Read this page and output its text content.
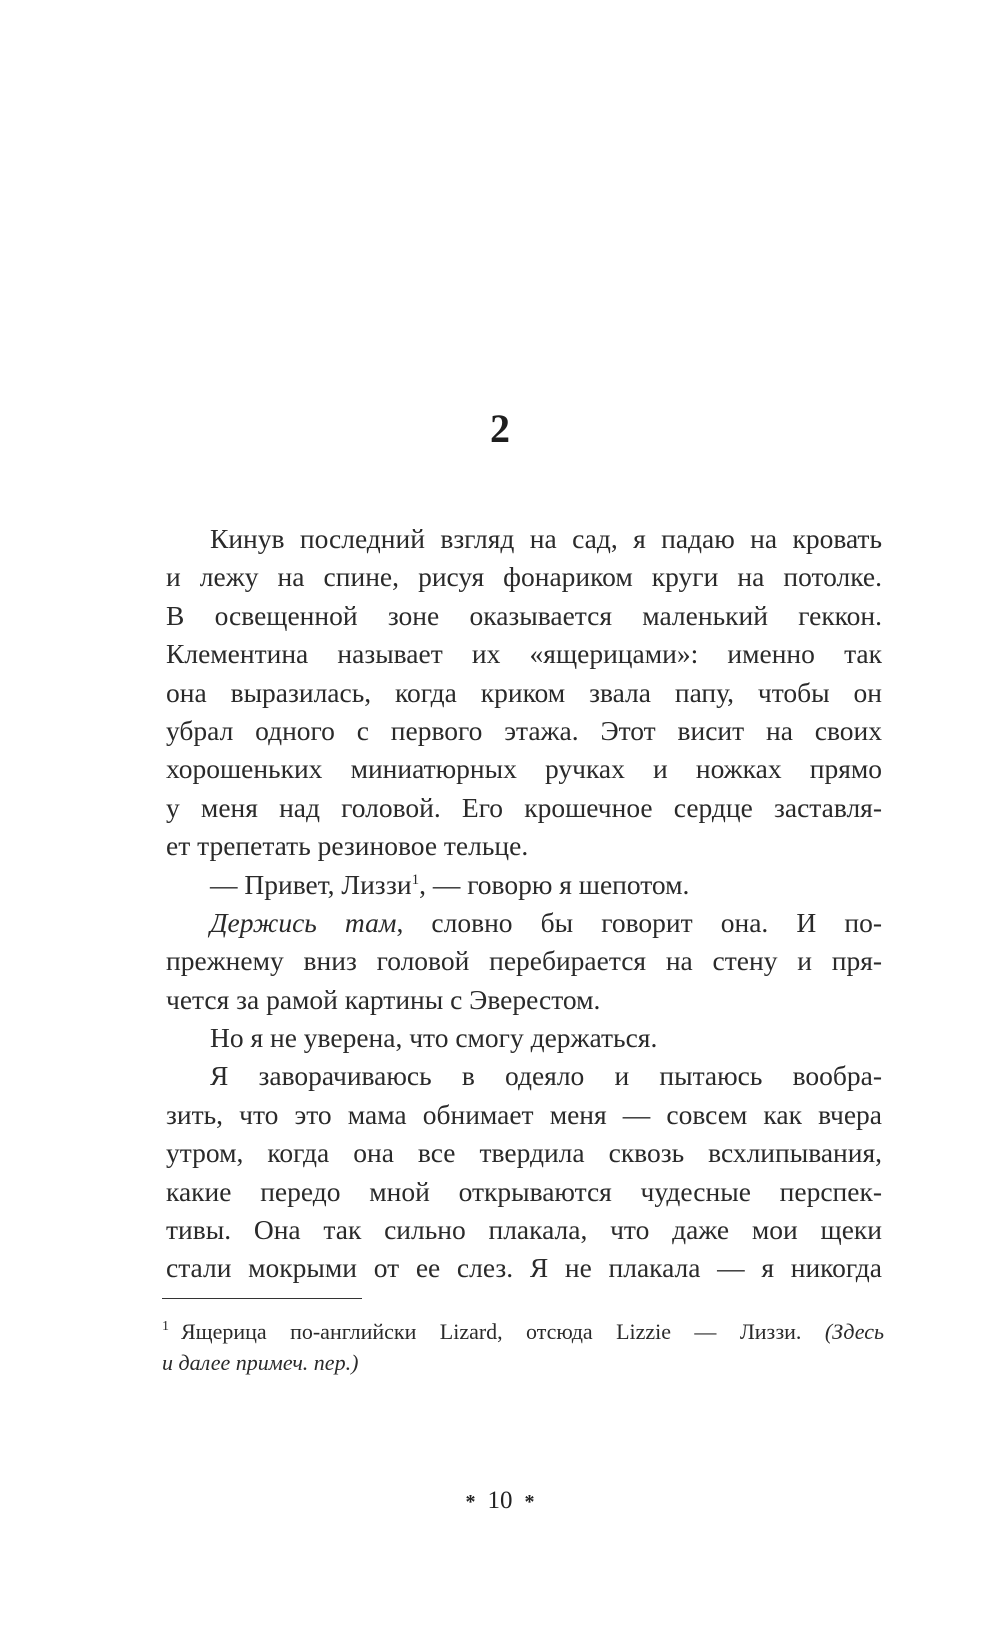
2
Кинув последний взгляд на сад, я падаю на кровать
и лежу на спине, рисуя фонариком круги на потолке.
В освещенной зоне оказывается маленький геккон.
Клементина называет их «ящерицами»: именно так
она выразилась, когда криком звала папу, чтобы он
убрал одного с первого этажа. Этот висит на своих
хорошеньких миниатюрных ручках и ножках прямо
у меня над головой. Его крошечное сердце заставля-
ет трепетать резиновое тельце.
— Привет, Лиззи$^1$, — говорю я шепотом.
Держись там, словно бы говорит она. И по-
прежнему вниз головой перебирается на стену и пря-
чется за рамой картины с Эверестом.
Но я не уверена, что смогу держаться.
Я заворачиваюсь в одеяло и пытаюсь вообра-
зить, что это мама обнимает меня — совсем как вчера
утром, когда она все твердила сквозь всхлипывания,
какие передо мной открываются чудесные перспек-
тивы. Она так сильно плакала, что даже мои щеки
стали мокрыми от ее слез. Я не плакала — я никогда
$^1$ Ящерица по-английски Lizard, отсюда Lizzie — Лиззи. (Здесь
и далее примеч. пер.)
* 10 *
